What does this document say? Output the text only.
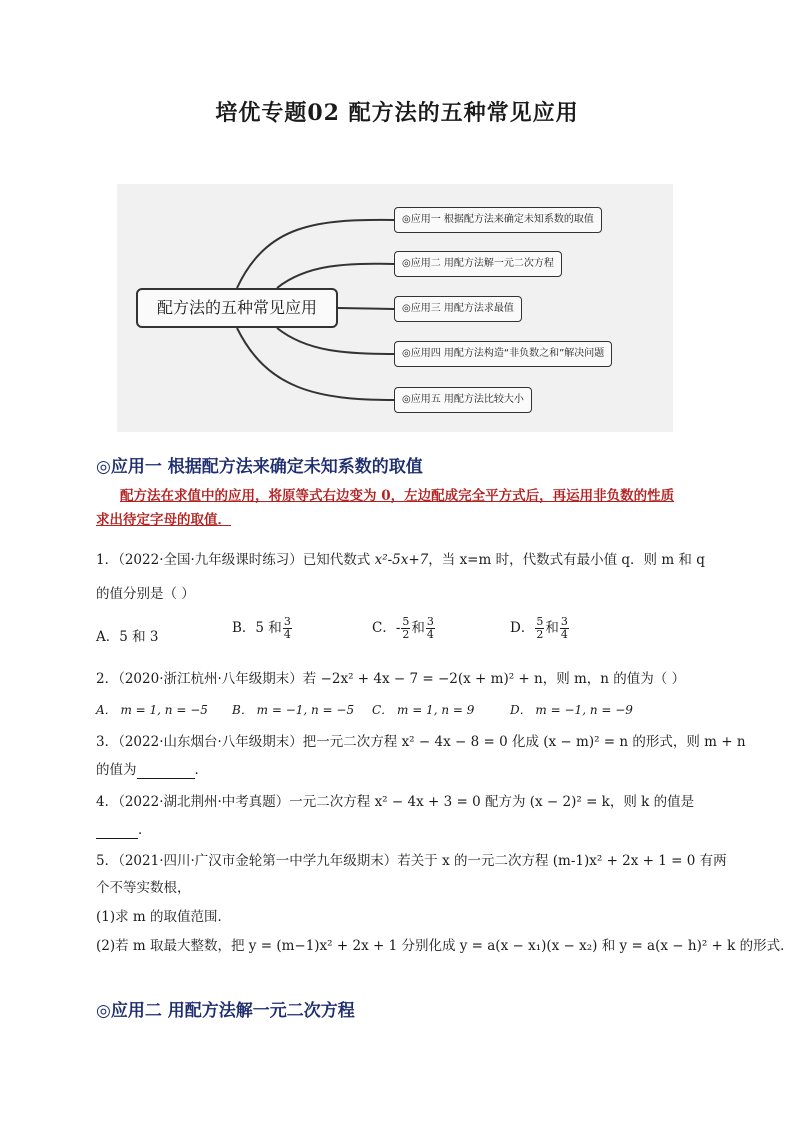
培优专题02 配方法的五种常见应用
配方法的五种常见应用
◎应用一 根据配方法来确定未知系数的取值
◎应用二 用配方法解一元二次方程
◎应用三 用配方法求最值
◎应用四 用配方法构造“非负数之和”解决问题
◎应用五 用配方法比较大小
◎应用一 根据配方法来确定未知系数的取值
配方法在求值中的应用，将原等式右边变为 0，左边配成完全平方式后，再运用非负数的性质
求出待定字母的取值．
1．（2022·全国·九年级课时练习）已知代数式 x²-5x+7，当 x=m 时，代数式有最小值 q．则 m 和 q
的值分别是（ ）
A．5 和 3
B．5 和 $\frac{3}{4}$	C．- $\frac{5}{2}$ 和 $\frac{3}{4}$	D． $\frac{5}{2}$ 和 $\frac{3}{4}$
2．（2020·浙江杭州·八年级期末）若 −2x² + 4x − 7 = −2(x + m)² + n，则 m，n 的值为（ ）
A． m = 1, n = −5 B． m = −1, n = −5 C． m = 1, n = 9	D． m = −1, n = −9
3．（2022·山东烟台·八年级期末）把一元二次方程 x² − 4x − 8 = 0 化成 (x − m)² = n 的形式，则 m + n
的值为	．
4．（2022·湖北荆州·中考真题）一元二次方程 x² − 4x + 3 = 0 配方为 (x − 2)² = k，则 k 的值是
．
5．（2021·四川·广汉市金轮第一中学九年级期末）若关于 x 的一元二次方程 (m-1)x² + 2x + 1 = 0 有两
个不等实数根，
(1)求 m 的取值范围．
(2)若 m 取最大整数，把 y = (m−1)x² + 2x + 1 分别化成 y = a(x − x₁)(x − x₂) 和 y = a(x − h)² + k 的形式．
◎应用二 用配方法解一元二次方程
